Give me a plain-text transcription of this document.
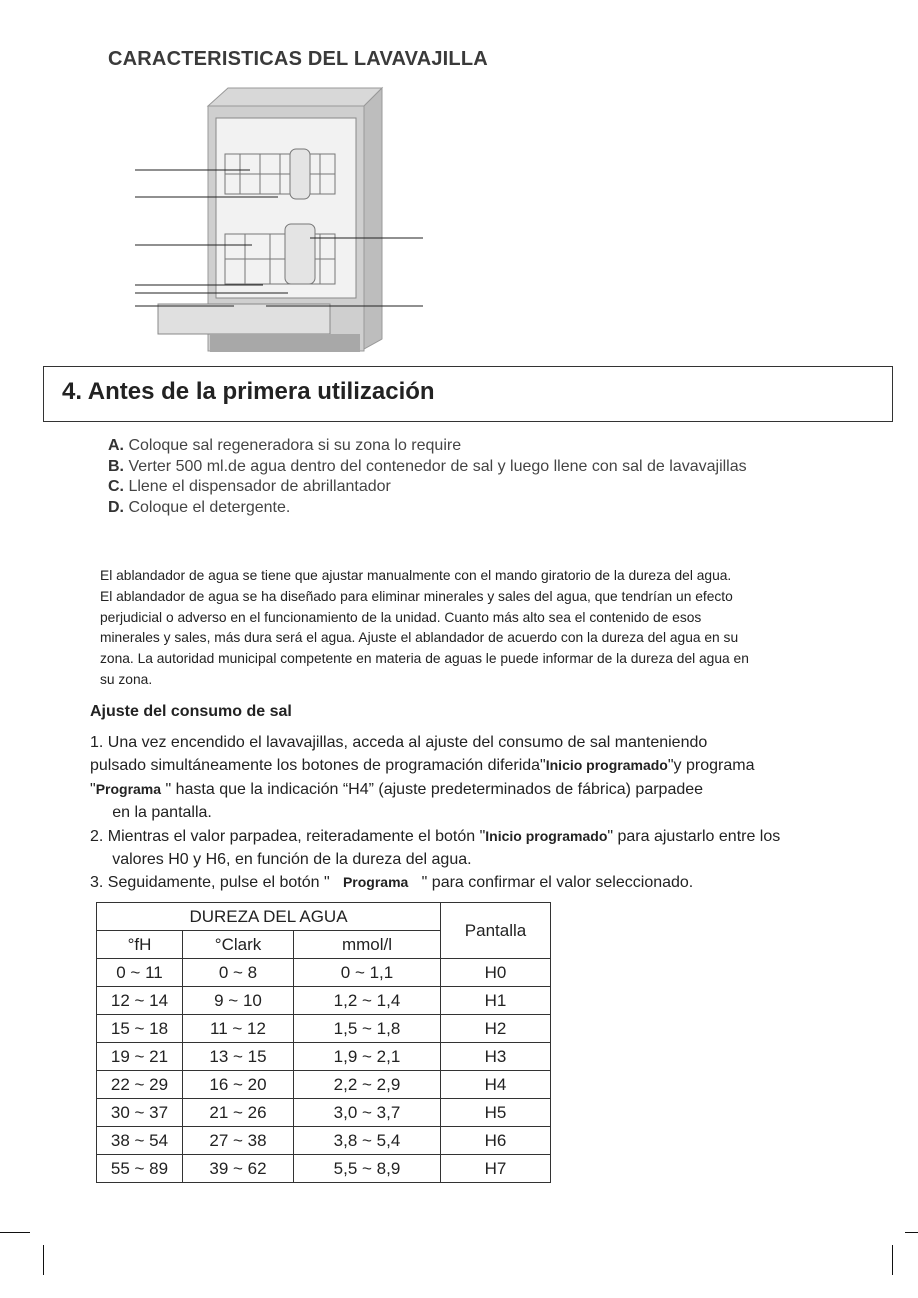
CARACTERISTICAS DEL LAVAVAJILLA
4. Antes de la primera utilización
A. Coloque sal regeneradora si su zona lo require
B. Verter 500 ml.de agua dentro del contenedor de sal y luego llene con sal de lavavajillas
C. Llene el dispensador de abrillantador
D. Coloque el detergente.
El ablandador de agua se tiene que ajustar manualmente con el mando giratorio de la dureza del agua.
El ablandador de agua se ha diseñado para eliminar minerales y sales del agua, que tendrían un efecto
perjudicial o adverso en el funcionamiento de la unidad. Cuanto más alto sea el contenido de esos
minerales y sales, más dura será el agua. Ajuste el ablandador de acuerdo con la dureza del agua en su
zona. La autoridad municipal competente en materia de aguas le puede informar de la dureza del agua en
su zona.
Ajuste del consumo de sal
1. Una vez encendido el lavavajillas, acceda al ajuste del consumo de sal manteniendo
pulsado simultáneamente los botones de programación diferida"Inicio programado"y programa
"Programa " hasta que la indicación “H4” (ajuste predeterminados de fábrica) parpadee
en la pantalla.
2. Mientras el valor parpadea, reiteradamente el botón "Inicio programado" para ajustarlo entre los
valores H0 y H6, en función de la dureza del agua.
3. Seguidamente, pulse el botón "   Programa   " para confirmar el valor seleccionado.
DUREZA DEL AGUA			Pantalla
°fH	°Clark	mmol/l	
0 ~ 11	0 ~ 8	0 ~ 1,1	H0
12 ~ 14	9 ~ 10	1,2 ~ 1,4	H1
15 ~ 18	11 ~ 12	1,5 ~ 1,8	H2
19 ~ 21	13 ~ 15	1,9 ~ 2,1	H3
22 ~ 29	16 ~ 20	2,2 ~ 2,9	H4
30 ~ 37	21 ~ 26	3,0 ~ 3,7	H5
38 ~ 54	27 ~ 38	3,8 ~ 5,4	H6
55 ~ 89	39 ~ 62	5,5 ~ 8,9	H7
